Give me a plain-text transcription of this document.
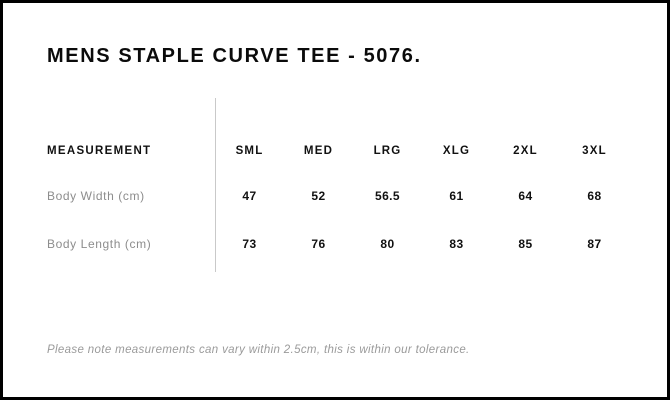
MENS STAPLE CURVE TEE - 5076.
MEASUREMENT	SML	MED	LRG	XLG	2XL	3XL
Body Width (cm)	47	52	56.5	61	64	68
Body Length (cm)	73	76	80	83	85	87
Please note measurements can vary within 2.5cm, this is within our tolerance.
